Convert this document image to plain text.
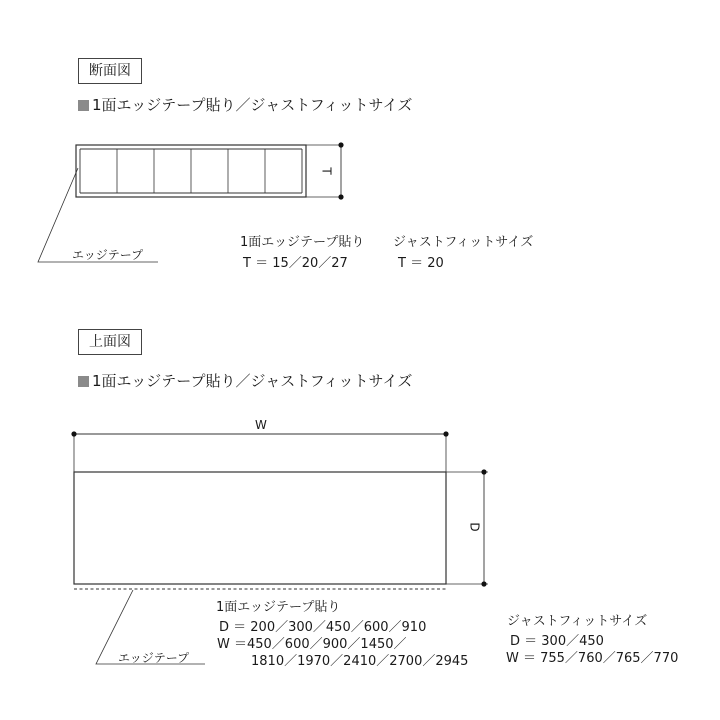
断面図
1面エッジテープ貼り／ジャストフィットサイズ
T
エッジテープ
1面エッジテープ貼り
T ＝ 15／20／27
ジャストフィットサイズ
T ＝ 20
上面図
1面エッジテープ貼り／ジャストフィットサイズ
W
D
エッジテープ
1面エッジテープ貼り
D ＝ 200／300／450／600／910
W ＝450／600／900／1450／
1810／1970／2410／2700／2945
ジャストフィットサイズ
D ＝ 300／450
W ＝ 755／760／765／770
